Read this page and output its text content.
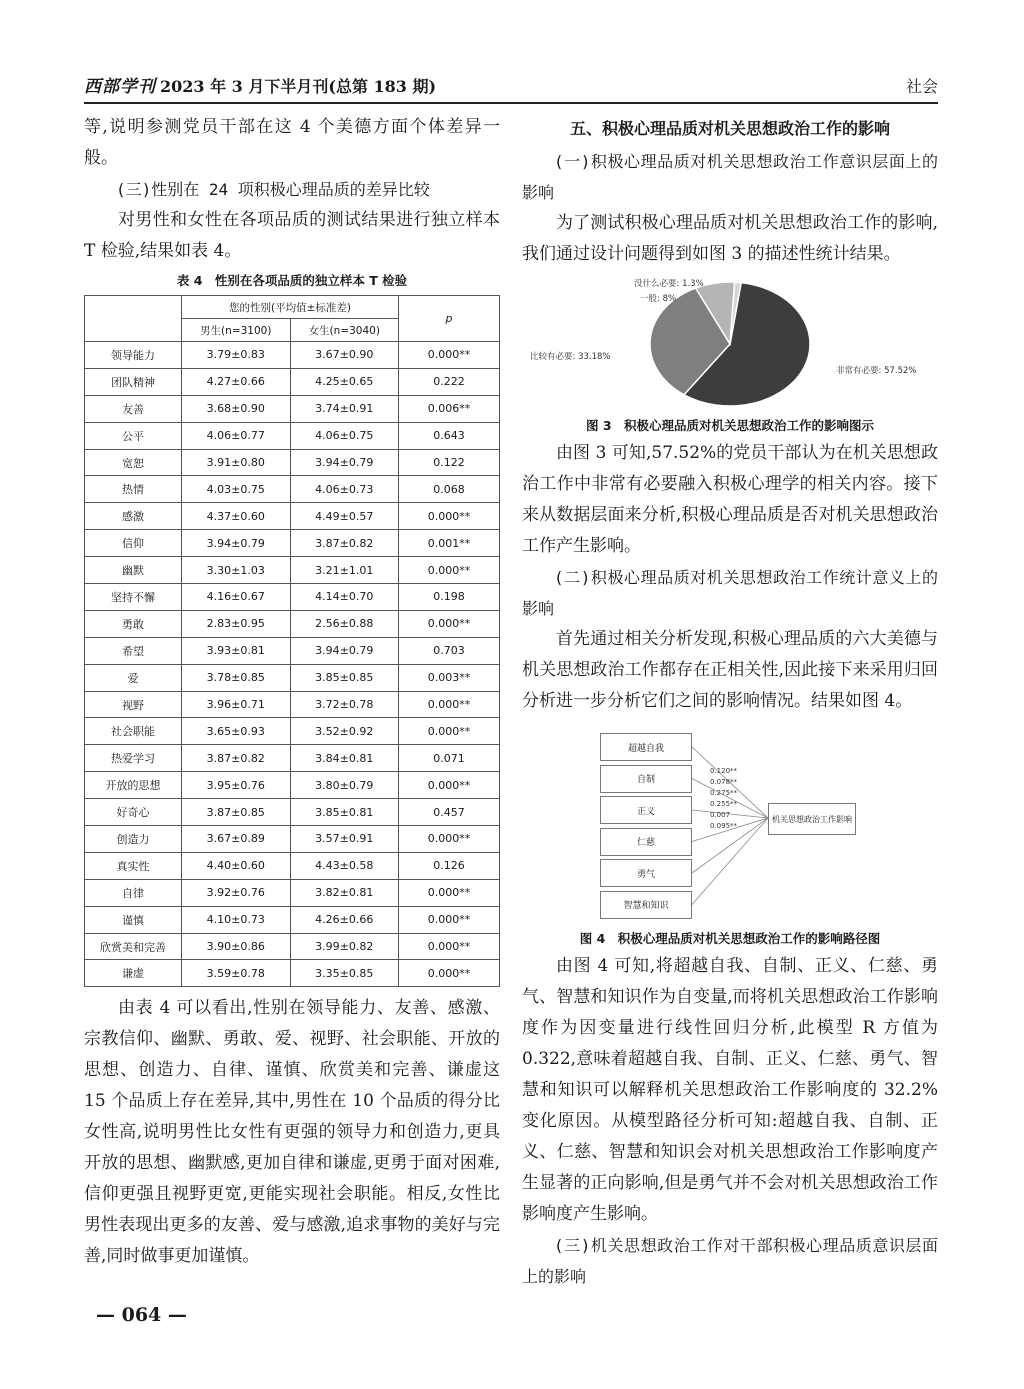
西部学刊 2023 年 3 月下半月刊(总第 183 期)	社会

等,说明参测党员干部在这 4 个美德方面个体差异一般。

(三)性别在 24 项积极心理品质的差异比较

对男性和女性在各项品质的测试结果进行独立样本 T 检验,结果如表 4。

表 4　性别在各项品质的独立样本 T 检验
	您的性别(平均值±标准差)		p
	男生(n=3100)	女生(n=3040)	
领导能力	3.79±0.83	3.67±0.90	0.000**
团队精神	4.27±0.66	4.25±0.65	0.222
友善	3.68±0.90	3.74±0.91	0.006**
公平	4.06±0.77	4.06±0.75	0.643
宽恕	3.91±0.80	3.94±0.79	0.122
热情	4.03±0.75	4.06±0.73	0.068
感激	4.37±0.60	4.49±0.57	0.000**
信仰	3.94±0.79	3.87±0.82	0.001**
幽默	3.30±1.03	3.21±1.01	0.000**
坚持不懈	4.16±0.67	4.14±0.70	0.198
勇敢	2.83±0.95	2.56±0.88	0.000**
希望	3.93±0.81	3.94±0.79	0.703
爱	3.78±0.85	3.85±0.85	0.003**
视野	3.96±0.71	3.72±0.78	0.000**
社会职能	3.65±0.93	3.52±0.92	0.000**
热爱学习	3.87±0.82	3.84±0.81	0.071
开放的思想	3.95±0.76	3.80±0.79	0.000**
好奇心	3.87±0.85	3.85±0.81	0.457
创造力	3.67±0.89	3.57±0.91	0.000**
真实性	4.40±0.60	4.43±0.58	0.126
自律	3.92±0.76	3.82±0.81	0.000**
谨慎	4.10±0.73	4.26±0.66	0.000**
欣赏美和完善	3.90±0.86	3.99±0.82	0.000**
谦虚	3.59±0.78	3.35±0.85	0.000**

由表 4 可以看出,性别在领导能力、友善、感激、宗教信仰、幽默、勇敢、爱、视野、社会职能、开放的思想、创造力、自律、谨慎、欣赏美和完善、谦虚这 15 个品质上存在差异,其中,男性在 10 个品质的得分比女性高,说明男性比女性有更强的领导力和创造力,更具开放的思想、幽默感,更加自律和谦虚,更勇于面对困难,信仰更强且视野更宽,更能实现社会职能。相反,女性比男性表现出更多的友善、爱与感激,追求事物的美好与完善,同时做事更加谨慎。

五、积极心理品质对机关思想政治工作的影响

(一)积极心理品质对机关思想政治工作意识层面上的影响

为了测试积极心理品质对机关思想政治工作的影响,我们通过设计问题得到如图 3 的描述性统计结果。

没什么必要: 1.3%
一般: 8%
比较有必要: 33.18%
非常有必要: 57.52%
图 3　积极心理品质对机关思想政治工作的影响图示

由图 3 可知,57.52%的党员干部认为在机关思想政治工作中非常有必要融入积极心理学的相关内容。接下来从数据层面来分析,积极心理品质是否对机关思想政治工作产生影响。

(二)积极心理品质对机关思想政治工作统计意义上的影响

首先通过相关分析发现,积极心理品质的六大美德与机关思想政治工作都存在正相关性,因此接下来采用归回分析进一步分析它们之间的影响情况。结果如图 4。

超越自我
0.120**
自制	0.078**
正义
0.275**
仁慈
0.255**
勇气
0.007
智慧和知识
0.095**
机关思想政治工作影响
图 4　积极心理品质对机关思想政治工作的影响路径图

由图 4 可知,将超越自我、自制、正义、仁慈、勇气、智慧和知识作为自变量,而将机关思想政治工作影响度作为因变量进行线性回归分析,此模型 R 方值为 0.322,意味着超越自我、自制、正义、仁慈、勇气、智慧和知识可以解释机关思想政治工作影响度的 32.2%变化原因。从模型路径分析可知:超越自我、自制、正义、仁慈、智慧和知识会对机关思想政治工作影响度产生显著的正向影响,但是勇气并不会对机关思想政治工作影响度产生影响。

(三)机关思想政治工作对干部积极心理品质意识层面上的影响

— 064 —
